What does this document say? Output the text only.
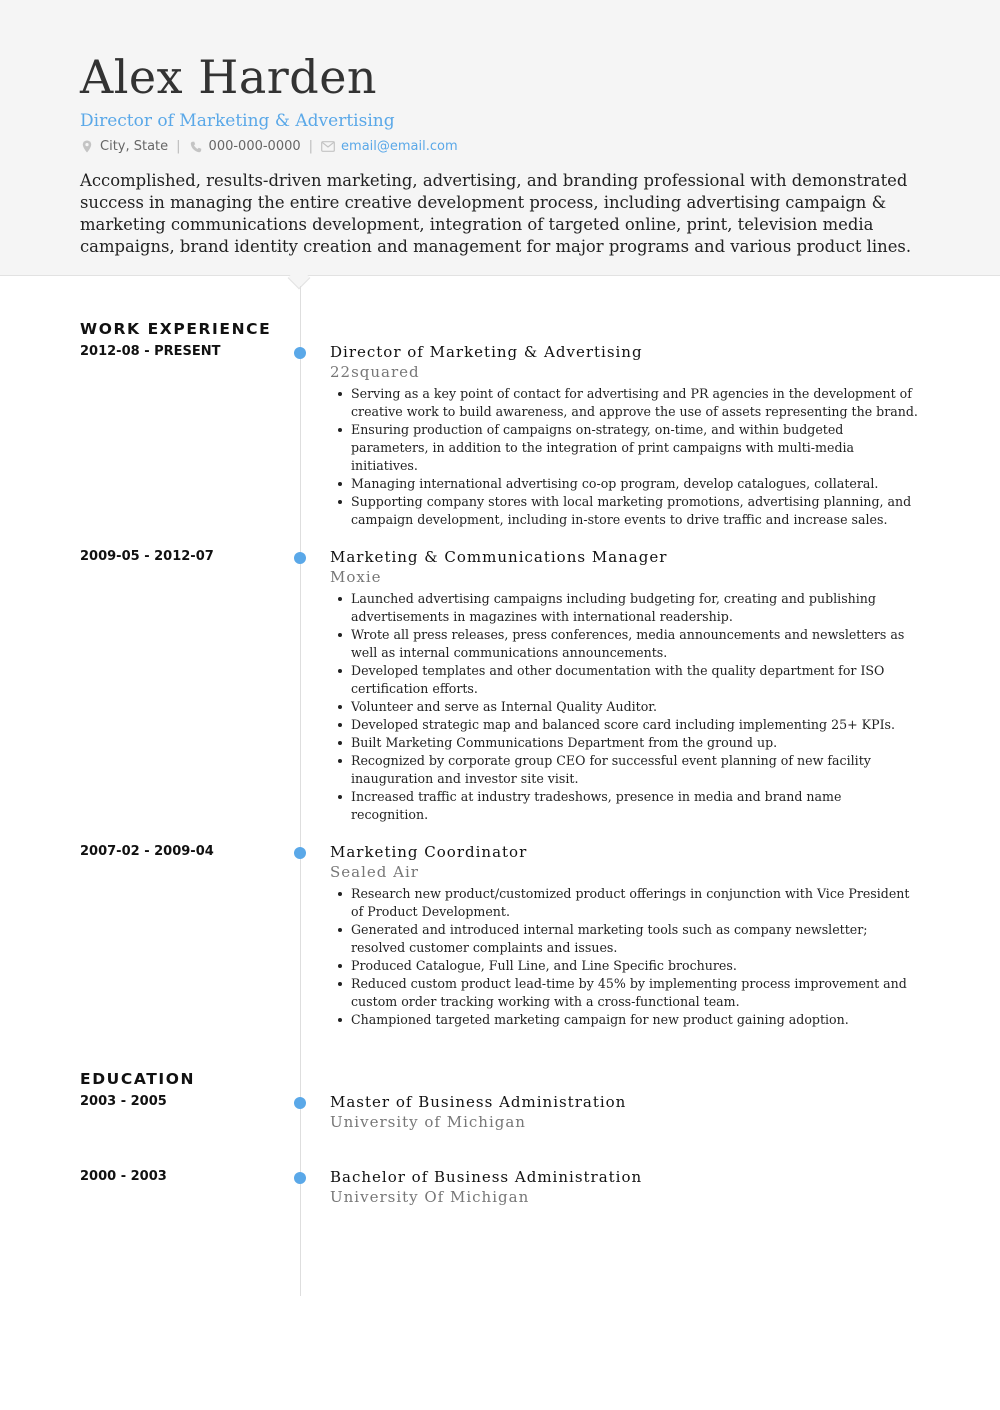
Alex Harden
Director of Marketing & Advertising
City, State | 000-000-0000 | email@email.com
Accomplished, results-driven marketing, advertising, and branding professional with demonstrated success in managing the entire creative development process, including advertising campaign & marketing communications development, integration of targeted online, print, television media campaigns, brand identity creation and management for major programs and various product lines.
WORK EXPERIENCE
2012-08 - PRESENT	Director of Marketing & Advertising
22squared
Serving as a key point of contact for advertising and PR agencies in the development of creative work to build awareness, and approve the use of assets representing the brand.
Ensuring production of campaigns on-strategy, on-time, and within budgeted parameters, in addition to the integration of print campaigns with multi-media initiatives.
Managing international advertising co-op program, develop catalogues, collateral.
Supporting company stores with local marketing promotions, advertising planning, and campaign development, including in-store events to drive traffic and increase sales.
2009-05 - 2012-07	Marketing & Communications Manager
Moxie
Launched advertising campaigns including budgeting for, creating and publishing advertisements in magazines with international readership.
Wrote all press releases, press conferences, media announcements and newsletters as well as internal communications announcements.
Developed templates and other documentation with the quality department for ISO certification efforts.
Volunteer and serve as Internal Quality Auditor.
Developed strategic map and balanced score card including implementing 25+ KPIs.
Built Marketing Communications Department from the ground up.
Recognized by corporate group CEO for successful event planning of new facility inauguration and investor site visit.
Increased traffic at industry tradeshows, presence in media and brand name recognition.
2007-02 - 2009-04	Marketing Coordinator
Sealed Air
Research new product/customized product offerings in conjunction with Vice President of Product Development.
Generated and introduced internal marketing tools such as company newsletter; resolved customer complaints and issues.
Produced Catalogue, Full Line, and Line Specific brochures.
Reduced custom product lead-time by 45% by implementing process improvement and custom order tracking working with a cross-functional team.
Championed targeted marketing campaign for new product gaining adoption.
EDUCATION
2003 - 2005	Master of Business Administration
University of Michigan
2000 - 2003	Bachelor of Business Administration
University Of Michigan
